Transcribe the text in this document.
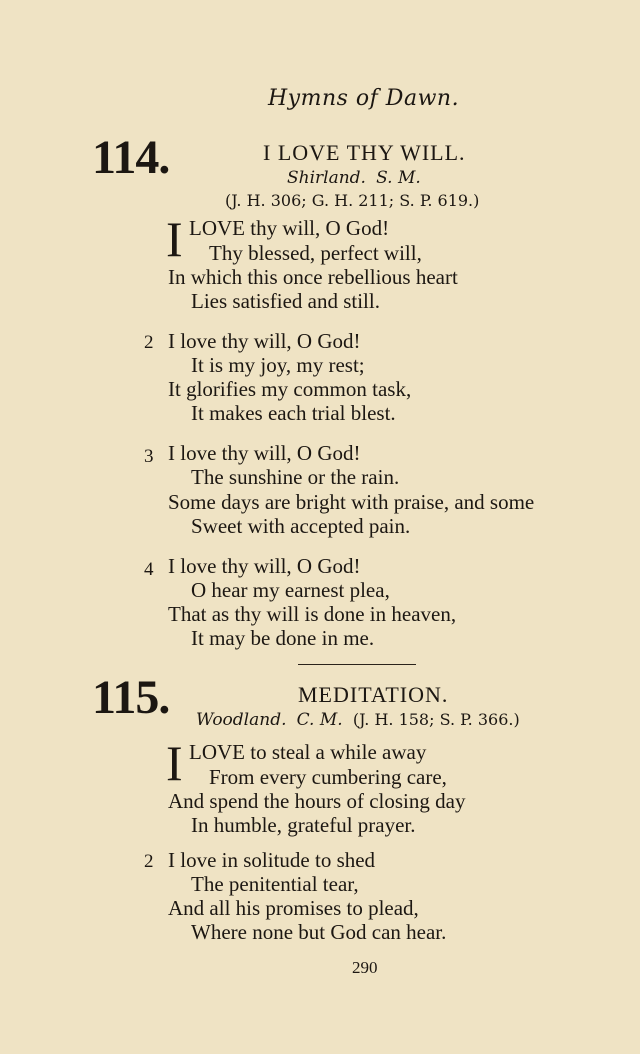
Hymns of Dawn.
114.	I LOVE THY WILL.
Shirland. S. M.
(J. H. 306; G. H. 211; S. P. 619.)
I LOVE thy will, O God!
Thy blessed, perfect will,
In which this once rebellious heart
Lies satisfied and still.
2 I love thy will, O God!
It is my joy, my rest;
It glorifies my common task,
It makes each trial blest.
3 I love thy will, O God!
The sunshine or the rain.
Some days are bright with praise, and some
Sweet with accepted pain.
4 I love thy will, O God!
O hear my earnest plea,
That as thy will is done in heaven,
It may be done in me.
115.	MEDITATION.
Woodland. C. M. (J. H. 158; S. P. 366.)
I LOVE to steal a while away
From every cumbering care,
And spend the hours of closing day
In humble, grateful prayer.
2 I love in solitude to shed
The penitential tear,
And all his promises to plead,
Where none but God can hear.
290
